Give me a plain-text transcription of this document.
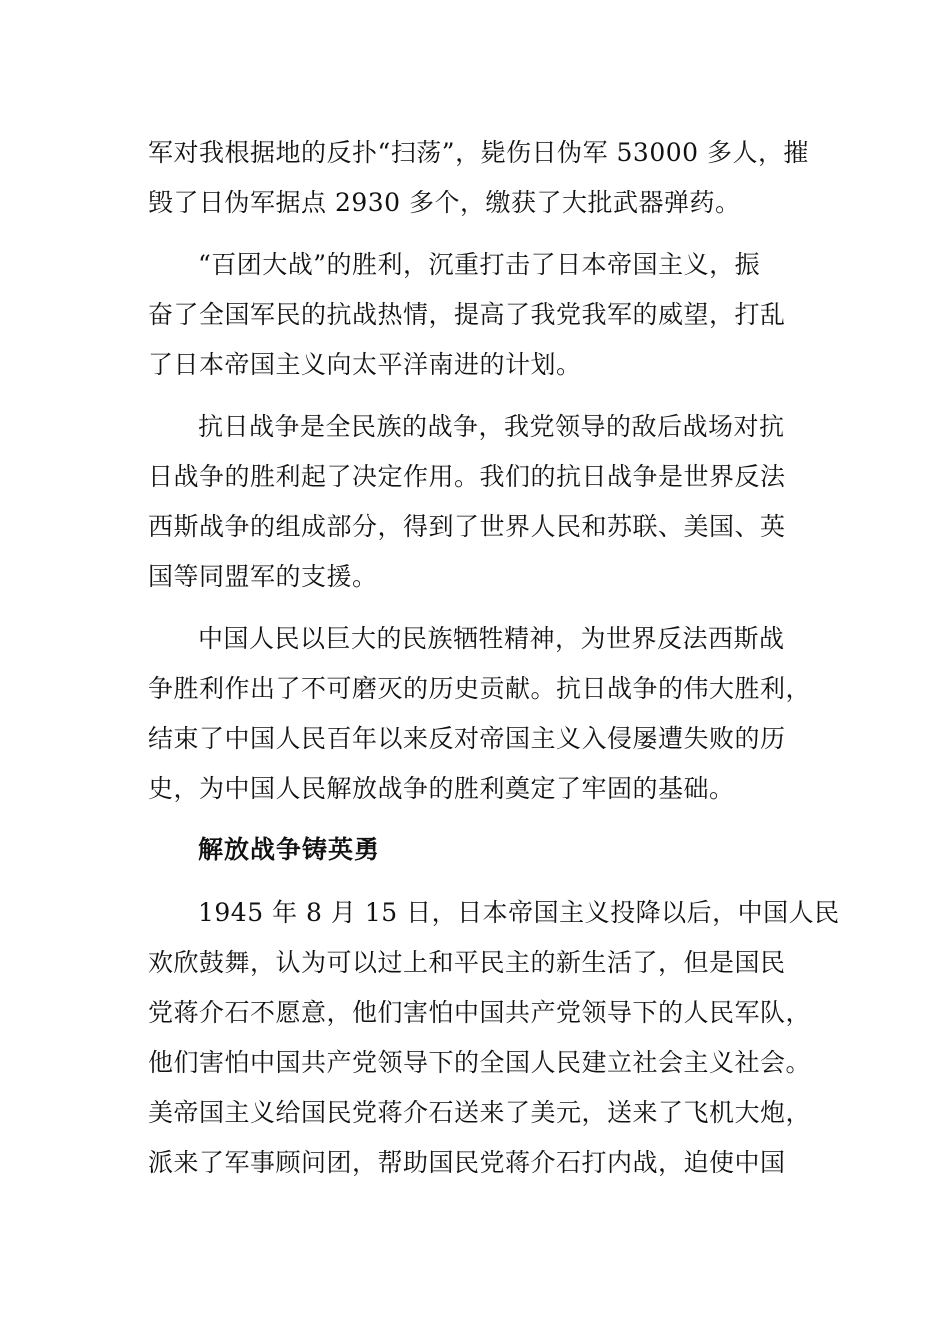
军对我根据地的反扑“扫荡”，毙伤日伪军 53000 多人，摧
毁了日伪军据点 2930 多个，缴获了大批武器弹药。
“百团大战”的胜利，沉重打击了日本帝国主义，振
奋了全国军民的抗战热情，提高了我党我军的威望，打乱
了日本帝国主义向太平洋南进的计划。
抗日战争是全民族的战争，我党领导的敌后战场对抗
日战争的胜利起了决定作用。我们的抗日战争是世界反法
西斯战争的组成部分，得到了世界人民和苏联、美国、英
国等同盟军的支援。
中国人民以巨大的民族牺牲精神，为世界反法西斯战
争胜利作出了不可磨灭的历史贡献。抗日战争的伟大胜利，
结束了中国人民百年以来反对帝国主义入侵屡遭失败的历
史，为中国人民解放战争的胜利奠定了牢固的基础。
解放战争铸英勇
1945 年 8 月 15 日，日本帝国主义投降以后，中国人民
欢欣鼓舞，认为可以过上和平民主的新生活了，但是国民
党蒋介石不愿意，他们害怕中国共产党领导下的人民军队，
他们害怕中国共产党领导下的全国人民建立社会主义社会。
美帝国主义给国民党蒋介石送来了美元，送来了飞机大炮，
派来了军事顾问团，帮助国民党蒋介石打内战，迫使中国
